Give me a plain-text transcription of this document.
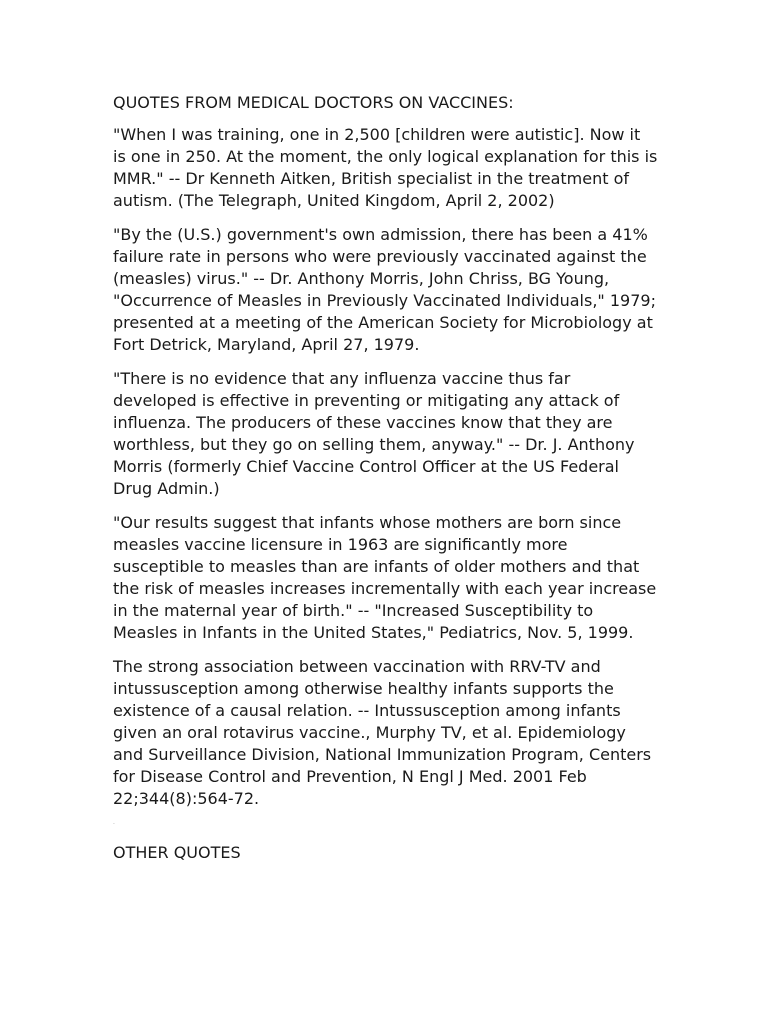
QUOTES FROM MEDICAL DOCTORS ON VACCINES:

"When I was training, one in 2,500 [children were autistic]. Now it is one in 250. At the moment, the only logical explanation for this is MMR." -- Dr Kenneth Aitken, British specialist in the treatment of autism. (The Telegraph, United Kingdom, April 2, 2002)

"By the (U.S.) government's own admission, there has been a 41% failure rate in persons who were previously vaccinated against the (measles) virus." -- Dr. Anthony Morris, John Chriss, BG Young, "Occurrence of Measles in Previously Vaccinated Individuals," 1979; presented at a meeting of the American Society for Microbiology at Fort Detrick, Maryland, April 27, 1979.

"There is no evidence that any influenza vaccine thus far developed is effective in preventing or mitigating any attack of influenza. The producers of these vaccines know that they are worthless, but they go on selling them, anyway." -- Dr. J. Anthony Morris (formerly Chief Vaccine Control Officer at the US Federal Drug Admin.)

"Our results suggest that infants whose mothers are born since measles vaccine licensure in 1963 are significantly more susceptible to measles than are infants of older mothers and that the risk of measles increases incrementally with each year increase in the maternal year of birth." -- "Increased Susceptibility to Measles in Infants in the United States," Pediatrics, Nov. 5, 1999.

The strong association between vaccination with RRV-TV and intussusception among otherwise healthy infants supports the existence of a causal relation. -- Intussusception among infants given an oral rotavirus vaccine., Murphy TV, et al. Epidemiology and Surveillance Division, National Immunization Program, Centers for Disease Control and Prevention, N Engl J Med. 2001 Feb 22;344(8):564-72.

·

OTHER QUOTES
